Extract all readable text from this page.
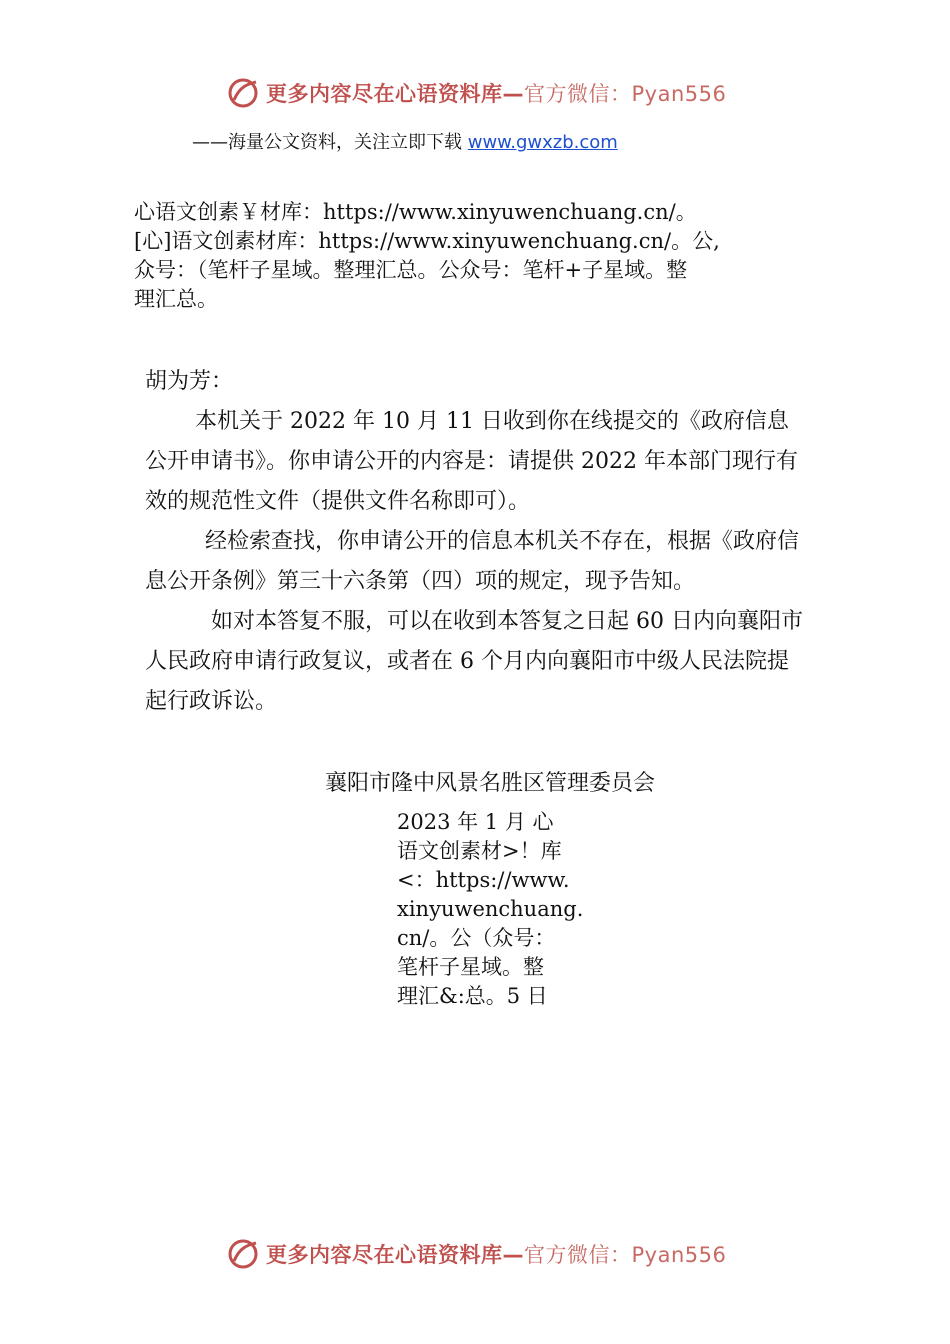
更多内容尽在心语资料库—官方微信：Pyan556
——海量公文资料，关注立即下载 www.gwxzb.com

心语文创素￥材库：https://www.xinyuwenchuang.cn/。

[心]语文创素材库：https://www.xinyuwenchuang.cn/。公,

众号：（笔杆子星域。整理汇总。公众号：笔杆+子星域。整

理汇总。

胡为芳：

本机关于 2022 年 10 月 11 日收到你在线提交的《政府信息公开申请书》。你申请公开的内容是：请提供 2022 年本部门现行有效的规范性文件（提供文件名称即可）。

经检索查找，你申请公开的信息本机关不存在，根据《政府信息公开条例》第三十六条第（四）项的规定，现予告知。

如对本答复不服，可以在收到本答复之日起 60 日内向襄阳市人民政府申请行政复议，或者在 6 个月内向襄阳市中级人民法院提起行政诉讼。

襄阳市隆中风景名胜区管理委员会

2023 年 1 月 心

语文创素材>！库

<：https://www.

xinyuwenchuang.

cn/。公（众号：

笔杆子星域。整

理汇&:总。5 日

更多内容尽在心语资料库—官方微信：Pyan556
